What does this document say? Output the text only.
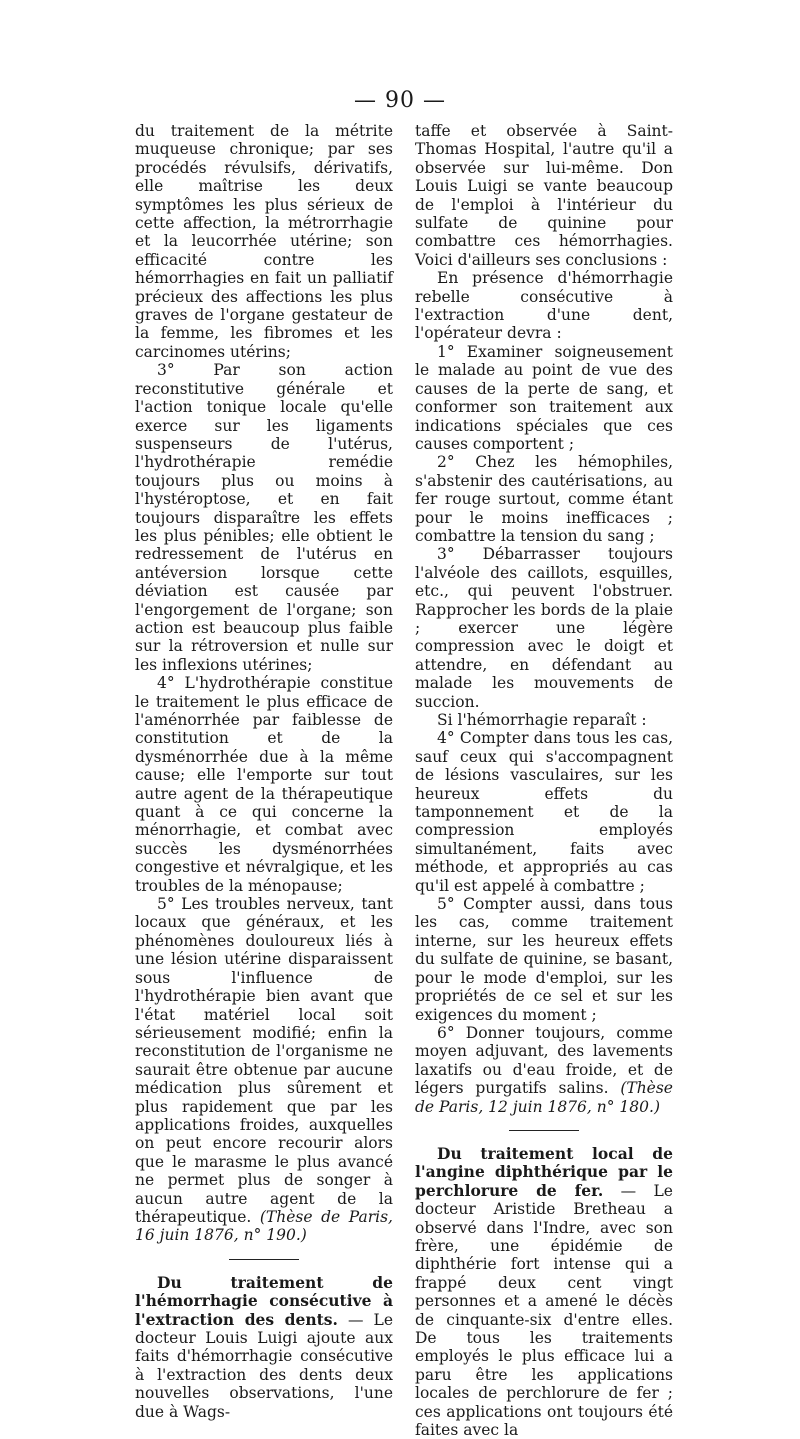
— 90 —

du traitement de la métrite muqueuse chronique; par ses procédés révulsifs, dérivatifs, elle maîtrise les deux symptômes les plus sérieux de cette affection, la métrorrhagie et la leucorrhée utérine; son efficacité contre les hémorrhagies en fait un palliatif précieux des affections les plus graves de l'organe gestateur de la femme, les fibromes et les carcinomes utérins;

3° Par son action reconstitutive générale et l'action tonique locale qu'elle exerce sur les ligaments suspenseurs de l'utérus, l'hydrothérapie remédie toujours plus ou moins à l'hystéroptose, et en fait toujours disparaître les effets les plus pénibles; elle obtient le redressement de l'utérus en antéversion lorsque cette déviation est causée par l'engorgement de l'organe; son action est beaucoup plus faible sur la rétroversion et nulle sur les inflexions utérines;

4° L'hydrothérapie constitue le traitement le plus efficace de l'aménorrhée par faiblesse de constitution et de la dysménorrhée due à la même cause; elle l'emporte sur tout autre agent de la thérapeutique quant à ce qui concerne la ménorrhagie, et combat avec succès les dysménorrhées congestive et névralgique, et les troubles de la ménopause;

5° Les troubles nerveux, tant locaux que généraux, et les phénomènes douloureux liés à une lésion utérine disparaissent sous l'influence de l'hydrothérapie bien avant que l'état matériel local soit sérieusement modifié; enfin la reconstitution de l'organisme ne saurait être obtenue par aucune médication plus sûrement et plus rapidement que par les applications froides, auxquelles on peut encore recourir alors que le marasme le plus avancé ne permet plus de songer à aucun autre agent de la thérapeutique. (Thèse de Paris, 16 juin 1876, n° 190.)

Du traitement de l'hémorrhagie consécutive à l'extraction des dents. — Le docteur Louis Luigi ajoute aux faits d'hémorrhagie consécutive à l'extraction des dents deux nouvelles observations, l'une due à Wags-

taffe et observée à Saint-Thomas Hospital, l'autre qu'il a observée sur lui-même. Don Louis Luigi se vante beaucoup de l'emploi à l'intérieur du sulfate de quinine pour combattre ces hémorrhagies. Voici d'ailleurs ses conclusions :

En présence d'hémorrhagie rebelle consécutive à l'extraction d'une dent, l'opérateur devra :

1° Examiner soigneusement le malade au point de vue des causes de la perte de sang, et conformer son traitement aux indications spéciales que ces causes comportent ;

2° Chez les hémophiles, s'abstenir des cautérisations, au fer rouge surtout, comme étant pour le moins inefficaces ; combattre la tension du sang ;

3° Débarrasser toujours l'alvéole des caillots, esquilles, etc., qui peuvent l'obstruer. Rapprocher les bords de la plaie ; exercer une légère compression avec le doigt et attendre, en défendant au malade les mouvements de succion.

Si l'hémorrhagie reparaît :

4° Compter dans tous les cas, sauf ceux qui s'accompagnent de lésions vasculaires, sur les heureux effets du tamponnement et de la compression employés simultanément, faits avec méthode, et appropriés au cas qu'il est appelé à combattre ;

5° Compter aussi, dans tous les cas, comme traitement interne, sur les heureux effets du sulfate de quinine, se basant, pour le mode d'emploi, sur les propriétés de ce sel et sur les exigences du moment ;

6° Donner toujours, comme moyen adjuvant, des lavements laxatifs ou d'eau froide, et de légers purgatifs salins. (Thèse de Paris, 12 juin 1876, n° 180.)

Du traitement local de l'angine diphthérique par le perchlorure de fer. — Le docteur Aristide Bretheau a observé dans l'Indre, avec son frère, une épidémie de diphthérie fort intense qui a frappé deux cent vingt personnes et a amené le décès de cinquante-six d'entre elles. De tous les traitements employés le plus efficace lui a paru être les applications locales de perchlorure de fer ; ces applications ont toujours été faites avec la
